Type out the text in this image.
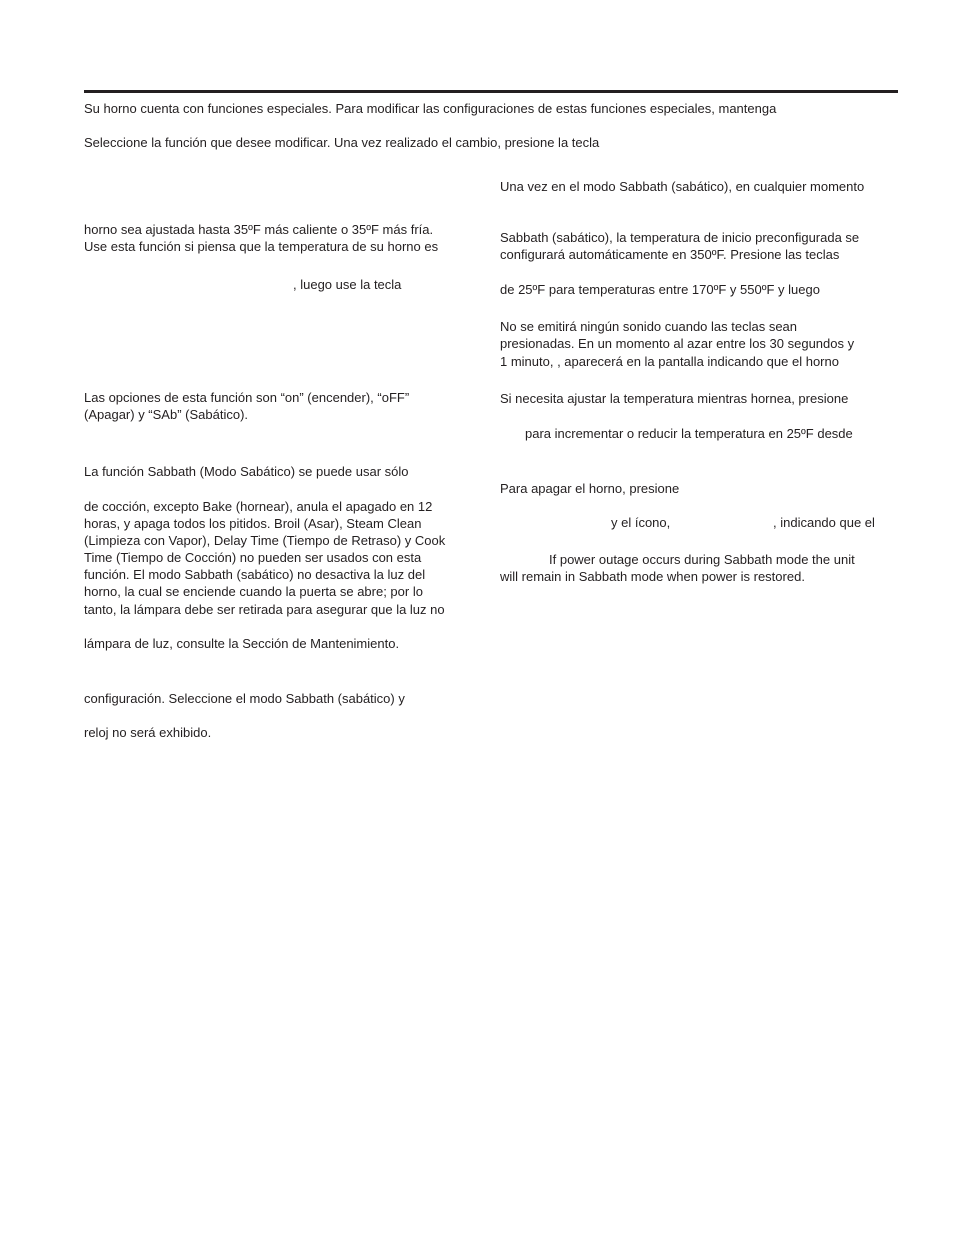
Su horno cuenta con funciones especiales. Para modificar las configuraciones de estas funciones especiales, mantenga

Seleccione la función que desee modificar. Una vez realizado el cambio, presione la tecla

horno sea ajustada hasta 35ºF más caliente o 35ºF más fría.

Use esta función si piensa que la temperatura de su horno es

, luego use la tecla

Las opciones de esta función son “on” (encender), “oFF”

(Apagar) y “SAb” (Sabático).

La función Sabbath (Modo Sabático) se puede usar sólo

de cocción, excepto Bake (hornear), anula el apagado en 12

horas, y apaga todos los pitidos. Broil (Asar), Steam Clean

(Limpieza con Vapor), Delay Time (Tiempo de Retraso) y Cook

Time (Tiempo de Cocción) no pueden ser usados con esta

función. El modo Sabbath (sabático) no desactiva la luz del

horno, la cual se enciende cuando la puerta se abre; por lo

tanto, la lámpara debe ser retirada para asegurar que la luz no

lámpara de luz, consulte la Sección de Mantenimiento.

configuración. Seleccione el modo Sabbath (sabático) y

reloj no será exhibido.

Una vez en el modo Sabbath (sabático), en cualquier momento

Sabbath (sabático), la temperatura de inicio preconfigurada se

configurará automáticamente en 350ºF. Presione las teclas

de 25ºF para temperaturas entre 170ºF y 550ºF y luego

No se emitirá ningún sonido cuando las teclas sean

presionadas. En un momento al azar entre los 30 segundos y

1 minuto, , aparecerá en la pantalla indicando que el horno

Si necesita ajustar la temperatura mientras hornea, presione

para incrementar o reducir la temperatura en 25ºF desde

Para apagar el horno, presione

y el ícono,	, indicando que el

If power outage occurs during Sabbath mode the unit

will remain in Sabbath mode when power is restored.
